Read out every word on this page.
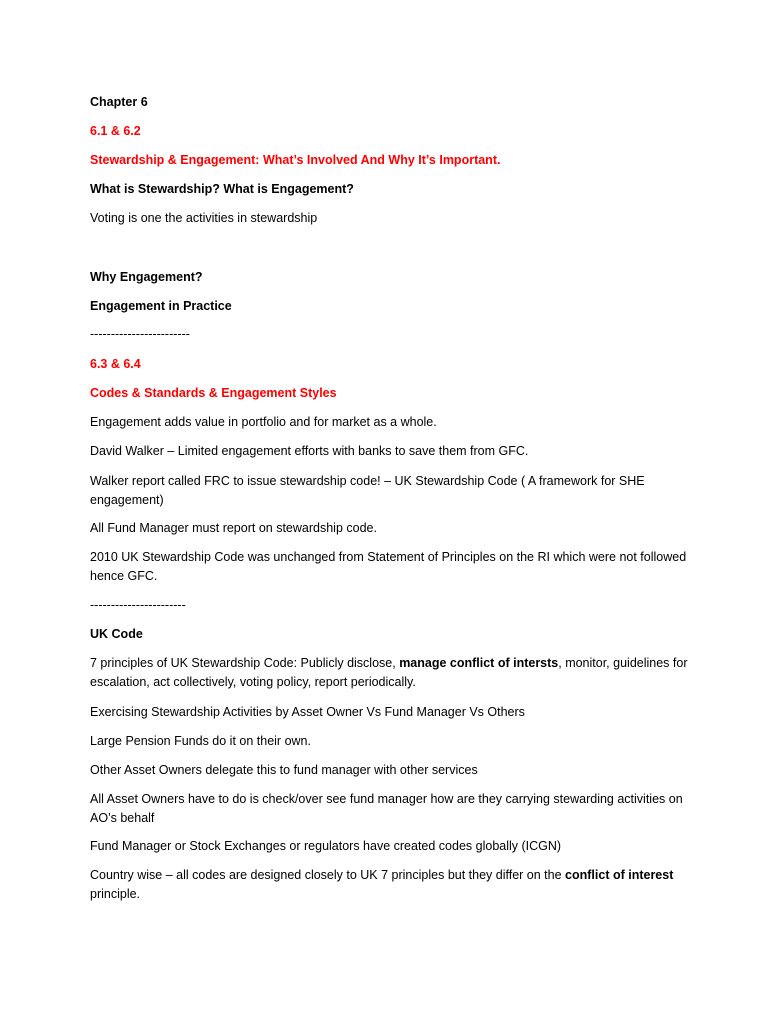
Chapter 6

6.1 & 6.2

Stewardship & Engagement: What’s Involved And Why It’s Important.

What is Stewardship? What is Engagement?

Voting is one the activities in stewardship

Why Engagement?

Engagement in Practice

------------------------

6.3 & 6.4

Codes & Standards & Engagement Styles

Engagement adds value in portfolio and for market as a whole.

David Walker – Limited engagement efforts with banks to save them from GFC.

Walker report called FRC to issue stewardship code! – UK Stewardship Code ( A framework for SHE engagement)

All Fund Manager must report on stewardship code.

2010 UK Stewardship Code was unchanged from Statement of Principles on the RI which were not followed hence GFC.

-----------------------

UK Code

7 principles of UK Stewardship Code: Publicly disclose, manage conflict of intersts, monitor, guidelines for escalation, act collectively, voting policy, report periodically.

Exercising Stewardship Activities by Asset Owner Vs Fund Manager Vs Others

Large Pension Funds do it on their own.

Other Asset Owners delegate this to fund manager with other services

All Asset Owners have to do is check/over see fund manager how are they carrying stewarding activities on AO’s behalf

Fund Manager or Stock Exchanges or regulators have created codes globally (ICGN)

Country wise – all codes are designed closely to UK 7 principles but they differ on the conflict of interest principle.
